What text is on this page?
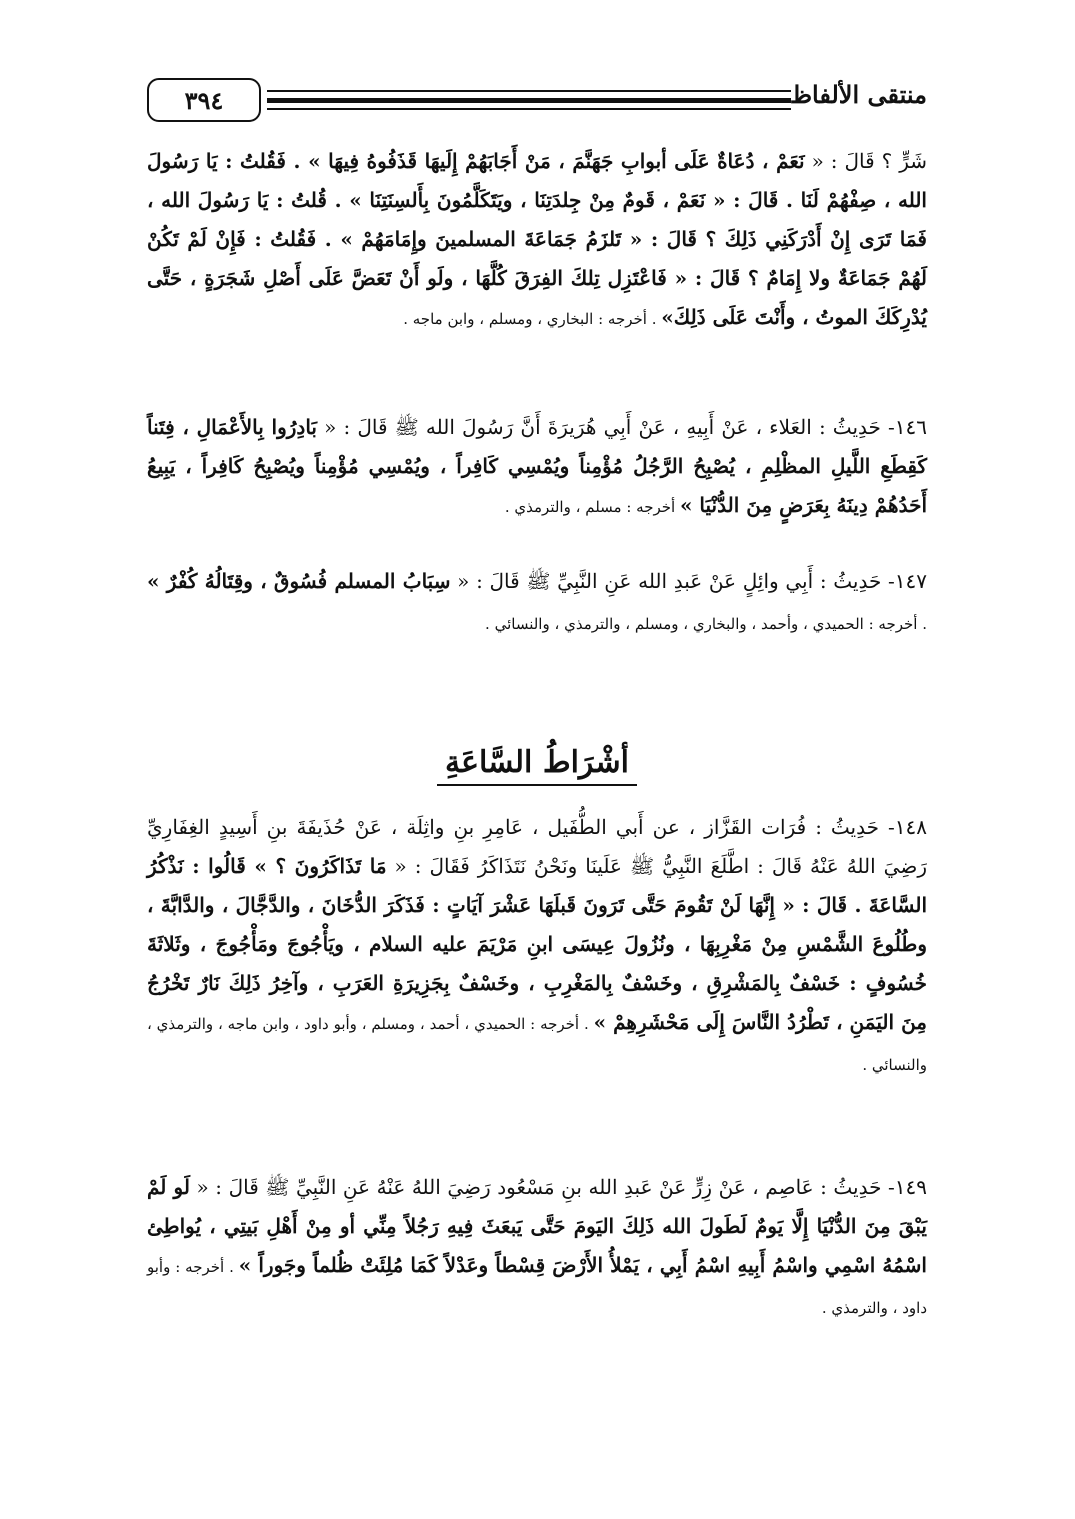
٣٩٤	منتقى الألفاظ

شَرٍّ ؟ قَالَ : « نَعَمْ ، دُعَاةٌ عَلَى أبوابِ جَهَنَّمَ ، مَنْ أَجَابَهُمْ إِلَيهَا قَذَفُوهُ فِيهَا » . فَقُلتُ : يَا رَسُولَ الله ، صِفْهُمْ لَنَا . قَالَ : « نَعَمْ ، قَومٌ مِنْ جِلدَتِنَا ، ويَتَكَلَّمُونَ بِأَلسِنَتِنَا » . قُلتُ : يَا رَسُولَ الله ، فَمَا تَرَى إِنْ أَدْرَكَنِي ذَلِكَ ؟ قَالَ : « تَلزَمُ جَمَاعَةَ المسلمينَ وإِمَامَهُمْ » . فَقُلتُ : فَإِنْ لَمْ تَكُنْ لَهُمْ جَمَاعَةٌ ولا إِمَامٌ ؟ قَالَ : « فَاعْتَزِل تِلكَ الفِرَقَ كُلَّهَا ، ولَو أَنْ تَعَضَّ عَلَى أَصْلِ شَجَرَةٍ ، حَتَّى يُدْرِكَكَ الموتُ ، وأَنْتَ عَلَى ذَلِكَ» . أخرجه : البخاري ، ومسلم ، وابن ماجه .

١٤٦- حَدِيثُ : العَلاء ، عَنْ أَبِيهِ ، عَنْ أَبِي هُرَيرَةَ أَنَّ رَسُولَ الله ﷺ قَالَ : « بَادِرُوا بِالأَعْمَالِ ، فِتَناً كَقِطَعِ اللَّيلِ المظْلِمِ ، يُصْبِحُ الرَّجُلُ مُؤْمِناً ويُمْسِي كَافِراً ، ويُمْسِي مُؤْمِناً ويُصْبِحُ كَافِراً ، يَبِيعُ أَحَدُهُمْ دِينَهُ بِعَرَضٍ مِنَ الدُّنْيَا » أخرجه : مسلم ، والترمذي .

١٤٧- حَدِيثُ : أَبِي وائِلٍ عَنْ عَبدِ الله عَنِ النَّبِيِّ ﷺ قَالَ : « سِبَابُ المسلم فُسُوقٌ ، وقِتَالُهُ كُفْرٌ » . أخرجه : الحميدي ، وأحمد ، والبخاري ، ومسلم ، والترمذي ، والنسائي .

أشْرَاطُ السَّاعَةِ

١٤٨- حَدِيثُ : فُرَات القَزَّاز ، عن أَبي الطُّفَيل ، عَامِرِ بنِ واثِلَة ، عَنْ حُذَيفَةَ بنِ أَسِيدٍ الغِفَارِيِّ رَضِيَ اللهُ عَنْهُ قَالَ : اطَّلَعَ النَّبِيُّ ﷺ عَلَينَا ونَحْنُ نَتَذَاكَرُ فَقَالَ : « مَا تَذَاكَرُونَ ؟ » قَالُوا : نَذْكُرُ السَّاعَةَ . قَالَ : « إِنَّهَا لَنْ تَقُومَ حَتَّى تَرَونَ قَبلَهَا عَشْرَ آيَاتٍ : فَذَكَرَ الدُّخَانَ ، والدَّجَّالَ ، والدَّابَّةَ ، وطُلُوعَ الشَّمْسِ مِنْ مَغْرِبِهَا ، ونُزُولَ عِيسَى ابنِ مَرْيَمَ عليه السلام ، ويَأْجُوجَ ومَأْجُوجَ ، وثَلاثَةَ خُسُوفٍ : خَسْفٌ بِالمَشْرِقِ ، وخَسْفٌ بِالمَغْرِبِ ، وخَسْفٌ بِجَزِيرَةِ العَرَبِ ، وآخِرُ ذَلِكَ نَارٌ تَخْرُجُ مِنَ اليَمَنِ ، تَطْرُدُ النَّاسَ إِلَى مَحْشَرِهِمْ » . أخرجه : الحميدي ، أحمد ، ومسلم ، وأبو داود ، وابن ماجه ، والترمذي ، والنسائي .

١٤٩- حَدِيثُ : عَاصِم ، عَنْ زِرٍّ عَنْ عَبدِ الله بنِ مَسْعُود رَضِيَ اللهُ عَنْهُ عَنِ النَّبِيِّ ﷺ قَالَ : « لَو لَمْ يَبْقَ مِنَ الدُّنْيَا إِلَّا يَومٌ لَطَولَ الله ذَلِكَ اليَومَ حَتَّى يَبعَثَ فِيهِ رَجُلاً مِنِّي أو مِنْ أَهْلِ بَيتِي ، يُواطِئ اسْمُهُ اسْمِي واسْمُ أَبِيهِ اسْمُ أَبِي ، يَمْلأُ الأَرْضَ قِسْطاً وعَدْلاً كَمَا مُلِئَتْ ظُلماً وجَوراً » . أخرجه : وأبو داود ، والترمذي .
